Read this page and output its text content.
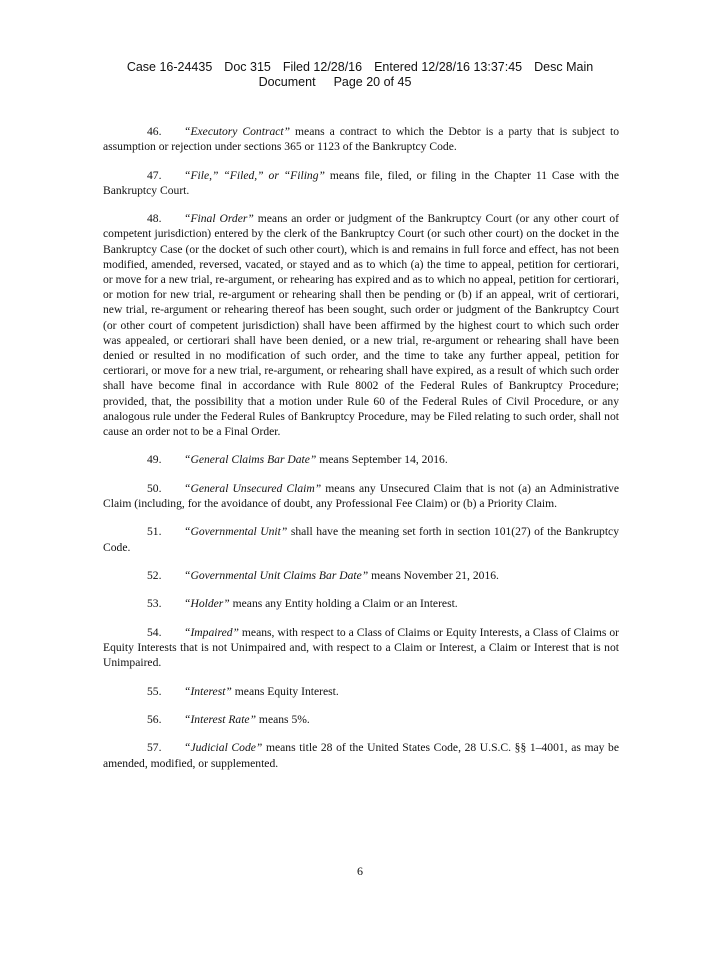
Case 16-24435 Doc 315 Filed 12/28/16 Entered 12/28/16 13:37:45 Desc Main
Document Page 20 of 45

46. “Executory Contract” means a contract to which the Debtor is a party that is subject to assumption or rejection under sections 365 or 1123 of the Bankruptcy Code.

47. “File,” “Filed,” or “Filing” means file, filed, or filing in the Chapter 11 Case with the Bankruptcy Court.

48. “Final Order” means an order or judgment of the Bankruptcy Court (or any other court of competent jurisdiction) entered by the clerk of the Bankruptcy Court (or such other court) on the docket in the Bankruptcy Case (or the docket of such other court), which is and remains in full force and effect, has not been modified, amended, reversed, vacated, or stayed and as to which (a) the time to appeal, petition for certiorari, or move for a new trial, re-argument, or rehearing has expired and as to which no appeal, petition for certiorari, or motion for new trial, re-argument or rehearing shall then be pending or (b) if an appeal, writ of certiorari, new trial, re-argument or rehearing thereof has been sought, such order or judgment of the Bankruptcy Court (or other court of competent jurisdiction) shall have been affirmed by the highest court to which such order was appealed, or certiorari shall have been denied, or a new trial, re-argument or rehearing shall have been denied or resulted in no modification of such order, and the time to take any further appeal, petition for certiorari, or move for a new trial, re-argument, or rehearing shall have expired, as a result of which such order shall have become final in accordance with Rule 8002 of the Federal Rules of Bankruptcy Procedure; provided, that, the possibility that a motion under Rule 60 of the Federal Rules of Civil Procedure, or any analogous rule under the Federal Rules of Bankruptcy Procedure, may be Filed relating to such order, shall not cause an order not to be a Final Order.

49. “General Claims Bar Date” means September 14, 2016.

50. “General Unsecured Claim” means any Unsecured Claim that is not (a) an Administrative Claim (including, for the avoidance of doubt, any Professional Fee Claim) or (b) a Priority Claim.

51. “Governmental Unit” shall have the meaning set forth in section 101(27) of the Bankruptcy Code.

52. “Governmental Unit Claims Bar Date” means November 21, 2016.

53. “Holder” means any Entity holding a Claim or an Interest.

54. “Impaired” means, with respect to a Class of Claims or Equity Interests, a Class of Claims or Equity Interests that is not Unimpaired and, with respect to a Claim or Interest, a Claim or Interest that is not Unimpaired.

55. “Interest” means Equity Interest.

56. “Interest Rate” means 5%.

57. “Judicial Code” means title 28 of the United States Code, 28 U.S.C. §§ 1–4001, as may be amended, modified, or supplemented.

6
